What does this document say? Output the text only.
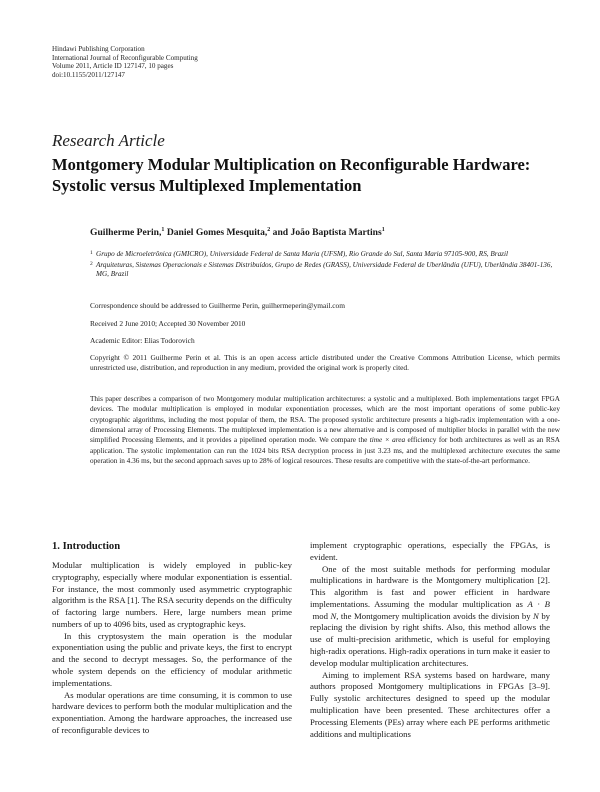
Hindawi Publishing Corporation
International Journal of Reconfigurable Computing
Volume 2011, Article ID 127147, 10 pages
doi:10.1155/2011/127147
Research Article
Montgomery Modular Multiplication on Reconfigurable Hardware: Systolic versus Multiplexed Implementation
Guilherme Perin,$^1$ Daniel Gomes Mesquita,$^2$ and João Baptista Martins$^1$
1 Grupo de Microeletrônica (GMICRO), Universidade Federal de Santa Maria (UFSM), Rio Grande do Sul, Santa Maria 97105-900, RS, Brazil
2 Arquiteturas, Sistemas Operacionais e Sistemas Distribuídos, Grupo de Redes (GRASS), Universidade Federal de Uberlândia (UFU), Uberlândia 38401-136, MG, Brazil
Correspondence should be addressed to Guilherme Perin, guilhermeperin@ymail.com
Received 2 June 2010; Accepted 30 November 2010
Academic Editor: Elias Todorovich
Copyright © 2011 Guilherme Perin et al. This is an open access article distributed under the Creative Commons Attribution License, which permits unrestricted use, distribution, and reproduction in any medium, provided the original work is properly cited.
This paper describes a comparison of two Montgomery modular multiplication architectures: a systolic and a multiplexed. Both implementations target FPGA devices. The modular multiplication is employed in modular exponentiation processes, which are the most important operations of some public-key cryptographic algorithms, including the most popular of them, the RSA. The proposed systolic architecture presents a high-radix implementation with a one-dimensional array of Processing Elements. The multiplexed implementation is a new alternative and is composed of multiplier blocks in parallel with the new simplified Processing Elements, and it provides a pipelined operation mode. We compare the time × area efficiency for both architectures as well as an RSA application. The systolic implementation can run the 1024 bits RSA decryption process in just 3.23 ms, and the multiplexed architecture executes the same operation in 4.36 ms, but the second approach saves up to 28% of logical resources. These results are competitive with the state-of-the-art performance.
1. Introduction

Modular multiplication is widely employed in public-key cryptography, especially where modular exponentiation is essential. For instance, the most commonly used asymmetric cryptographic algorithm is the RSA [1]. The RSA security depends on the difficulty of factoring large numbers. Here, large numbers mean prime numbers of up to 4096 bits, used as cryptographic keys.

In this cryptosystem the main operation is the modular exponentiation using the public and private keys, the first to encrypt and the second to decrypt messages. So, the performance of the whole system depends on the efficiency of modular arithmetic implementations.

As modular operations are time consuming, it is common to use hardware devices to perform both the modular multiplication and the exponentiation. Among the hardware approaches, the increased use of reconfigurable devices to

implement cryptographic operations, especially the FPGAs, is evident.

One of the most suitable methods for performing modular multiplications in hardware is the Montgomery multiplication [2]. This algorithm is fast and power efficient in hardware implementations. Assuming the modular multiplication as A · B mod N, the Montgomery multiplication avoids the division by N by replacing the division by right shifts. Also, this method allows the use of multi-precision arithmetic, which is useful for employing high-radix operations. High-radix operations in turn make it easier to develop modular multiplication architectures.

Aiming to implement RSA systems based on hardware, many authors proposed Montgomery multiplications in FPGAs [3–9]. Fully systolic architectures designed to speed up the modular multiplication have been presented. These architectures offer a Processing Elements (PEs) array where each PE performs arithmetic additions and multiplications
